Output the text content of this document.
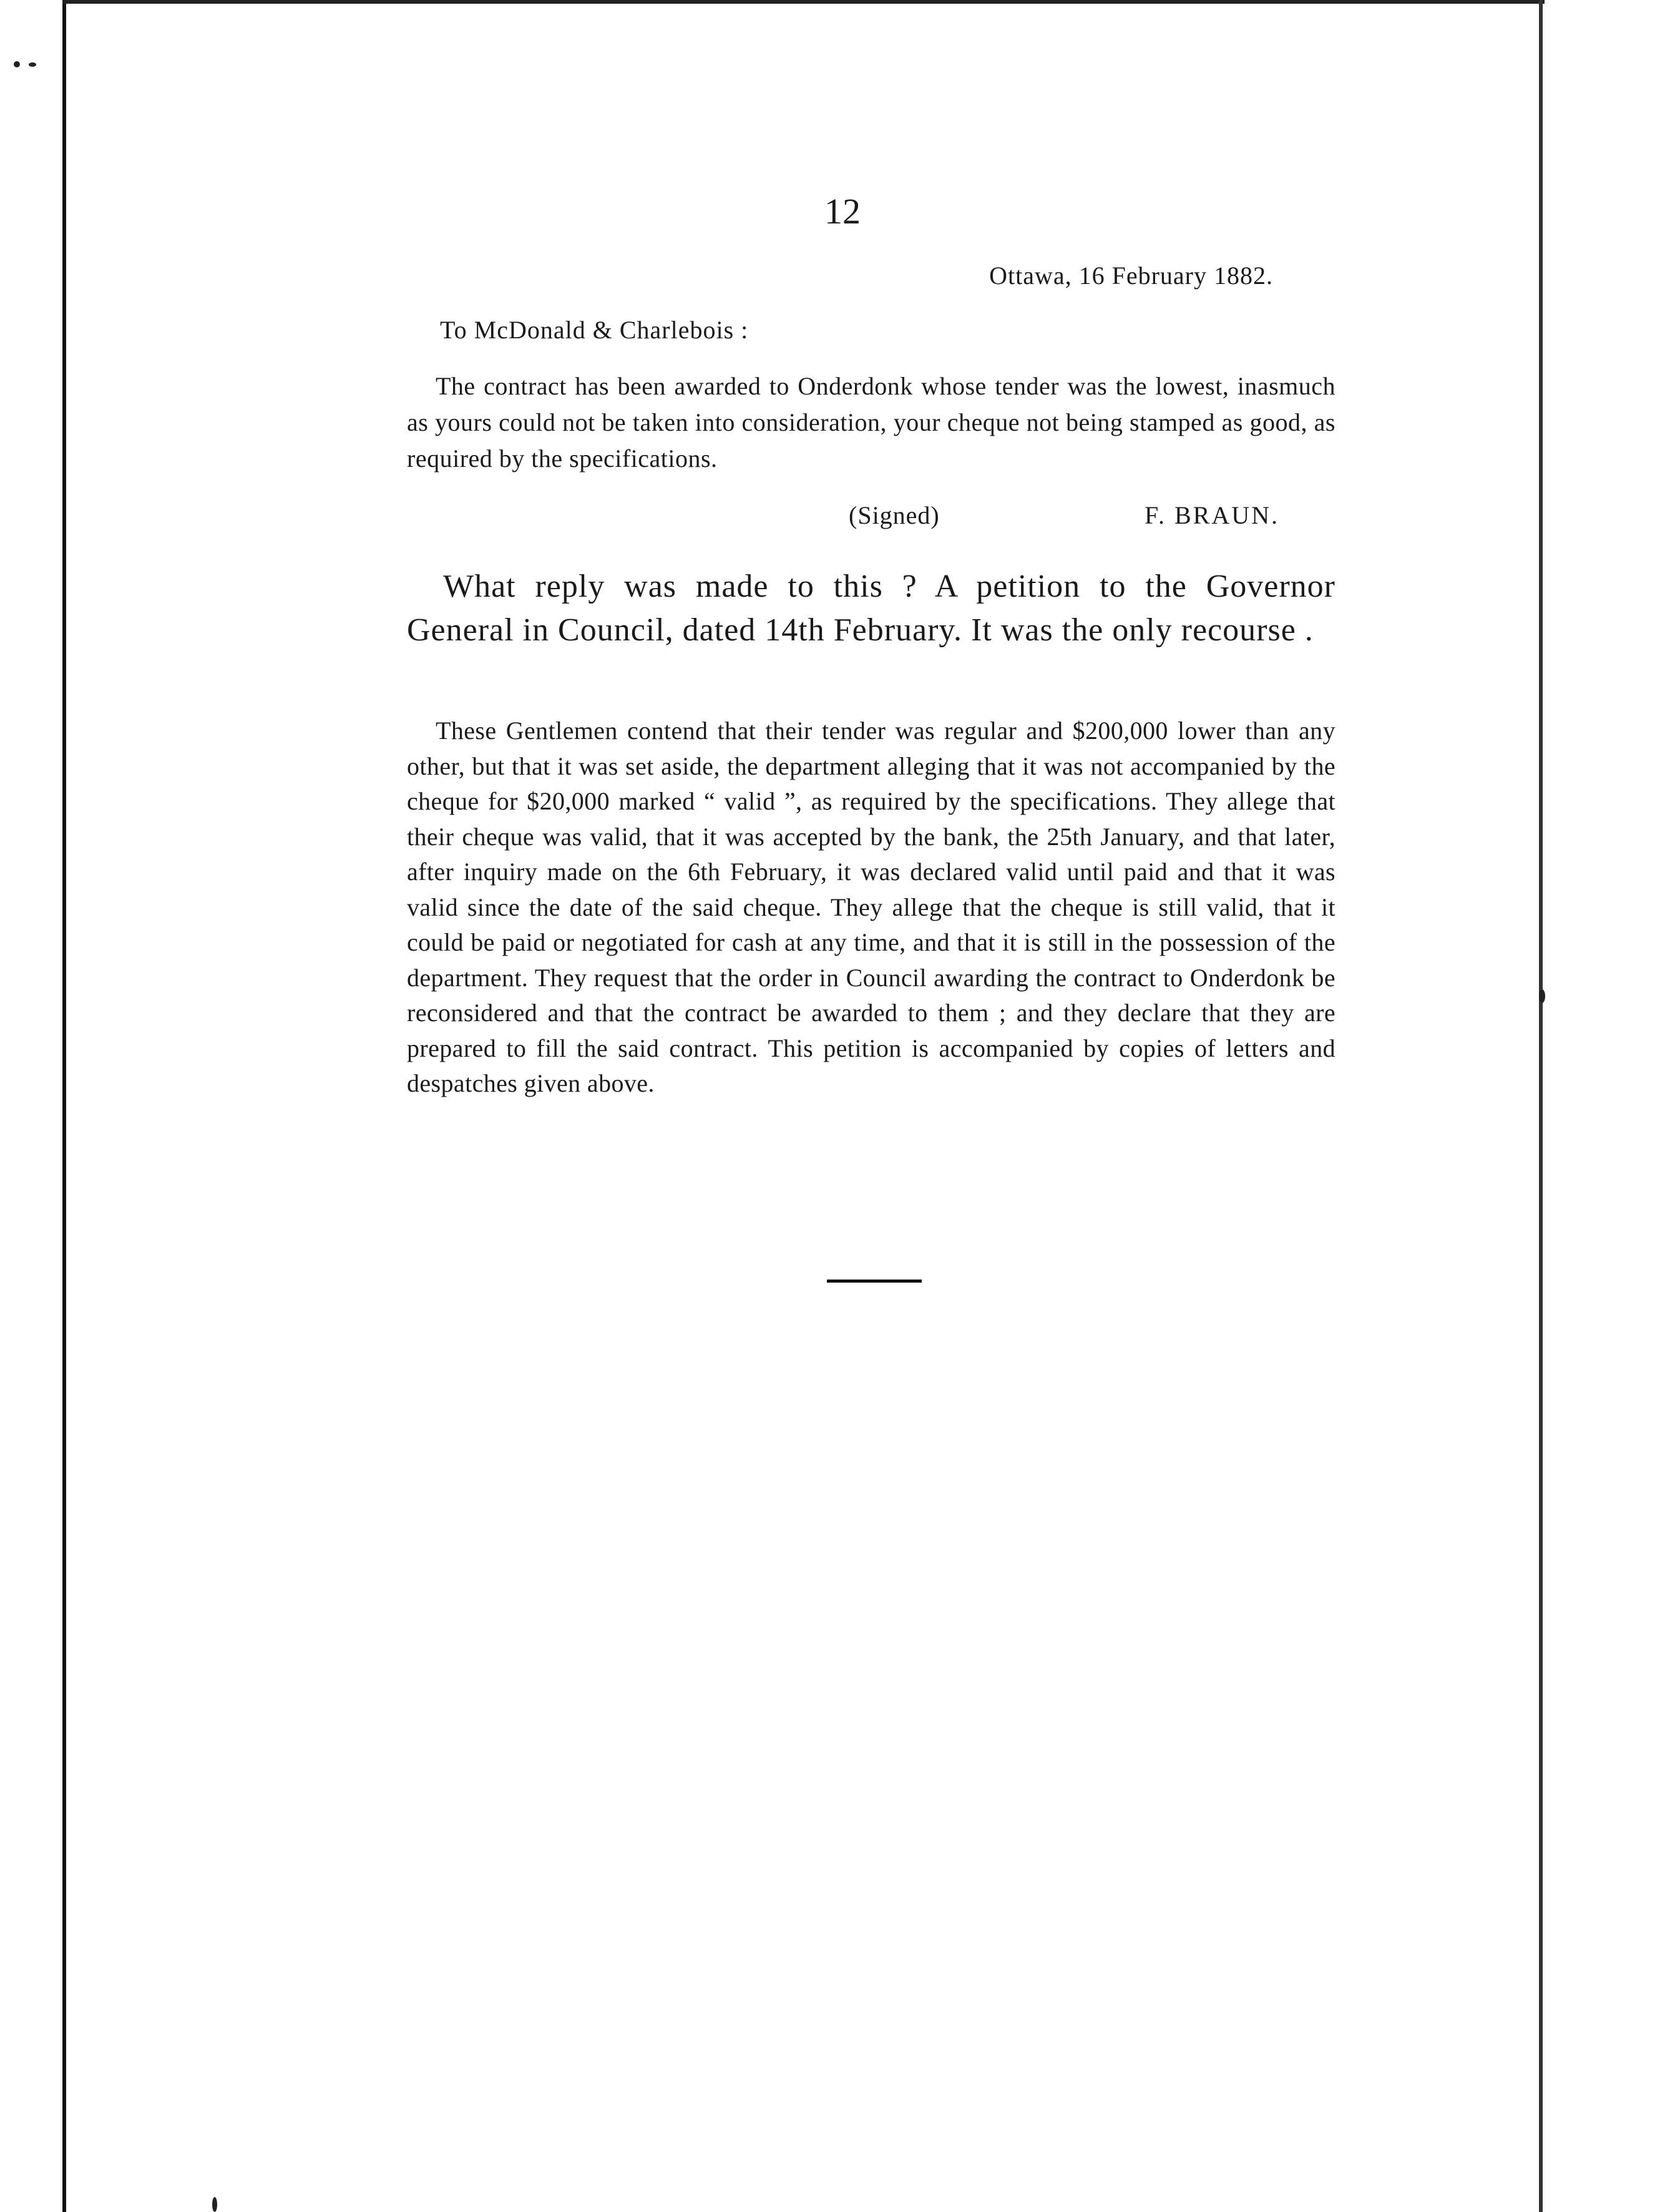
12
Ottawa, 16 February 1882.
To McDonald & Charlebois :
The contract has been awarded to Onderdonk whose tender was the lowest, inasmuch as yours could not be taken into consideration, your cheque not being stamped as good, as required by the specifications.
(Signed)	F. BRAUN.
What reply was made to this ? A petition to the Governor General in Council, dated 14th February. It was the only recourse .
These Gentlemen contend that their tender was regular and $200,000 lower than any other, but that it was set aside, the department alleging that it was not accompanied by the cheque for $20,000 marked “ valid ”, as required by the specifications. They allege that their cheque was valid, that it was accepted by the bank, the 25th January, and that later, after inquiry made on the 6th February, it was declared valid until paid and that it was valid since the date of the said cheque. They allege that the cheque is still valid, that it could be paid or negotiated for cash at any time, and that it is still in the possession of the department. They request that the order in Council awarding the contract to Onderdonk be reconsidered and that the contract be awarded to them ; and they declare that they are prepared to fill the said contract. This petition is accompanied by copies of letters and despatches given above.
